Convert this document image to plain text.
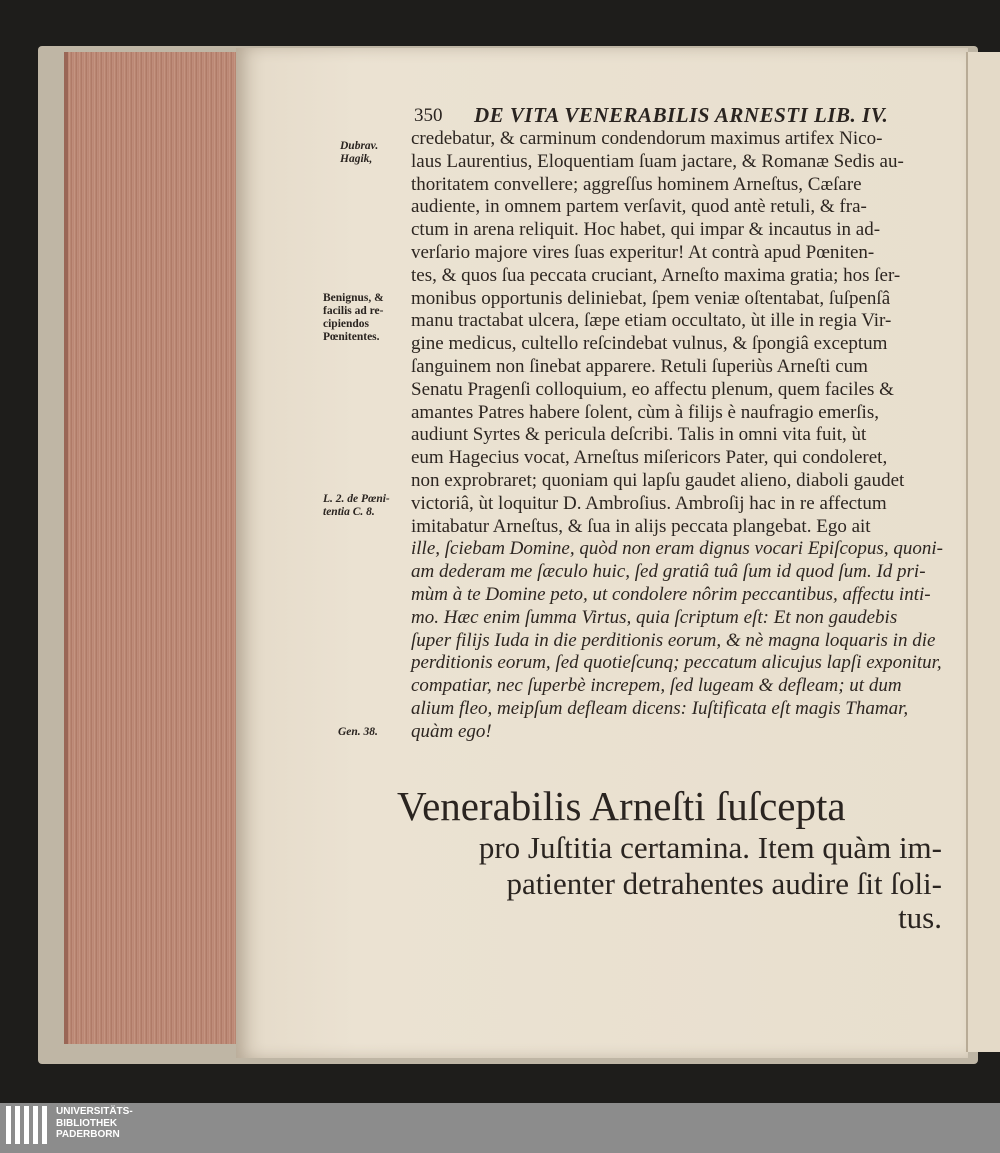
350 DE VITA VENERABILIS ARNESTI LIB. IV.
Dubrav.
Hagik,
Benignus, &
facilis ad re-
cipiendos
Pœnitentes.
L. 2. de Pœni-
tentia C. 8.
Gen. 38.
credebatur, & carminum condendorum maximus artifex Nico-
laus Laurentius, Eloquentiam ſuam jactare, & Romanæ Sedis au-
thoritatem convellere; aggreſſus hominem Arneſtus, Cæſare
audiente, in omnem partem verſavit, quod antè retuli, & fra-
ctum in arena reliquit. Hoc habet, qui impar & incautus in ad-
verſario majore vires ſuas experitur! At contrà apud Pœniten-
tes, & quos ſua peccata cruciant, Arneſto maxima gratia; hos ſer-
monibus opportunis deliniebat, ſpem veniæ oſtentabat, ſuſpenſâ
manu tractabat ulcera, ſæpe etiam occultato, ùt ille in regia Vir-
gine medicus, cultello reſcindebat vulnus, & ſpongiâ exceptum
ſanguinem non ſinebat apparere. Retuli ſuperiùs Arneſti cum
Senatu Pragenſi colloquium, eo affectu plenum, quem faciles &
amantes Patres habere ſolent, cùm à filijs è naufragio emerſis,
audiunt Syrtes & pericula deſcribi. Talis in omni vita fuit, ùt
eum Hagecius vocat, Arneſtus miſericors Pater, qui condoleret,
non exprobraret; quoniam qui lapſu gaudet alieno, diaboli gaudet
victoriâ, ùt loquitur D. Ambroſius. Ambroſij hac in re affectum
imitabatur Arneſtus, & ſua in alijs peccata plangebat. Ego ait
ille, ſciebam Domine, quòd non eram dignus vocari Epiſcopus, quoni-
am dederam me ſæculo huic, ſed gratiâ tuâ ſum id quod ſum. Id pri-
mùm à te Domine peto, ut condolere nôrim peccantibus, affectu inti-
mo. Hæc enim ſumma Virtus, quia ſcriptum eſt: Et non gaudebis
ſuper filijs Iuda in die perditionis eorum, & nè magna loquaris in die
perditionis eorum, ſed quotieſcunq; peccatum alicujus lapſi exponitur,
compatiar, nec ſuperbè increpem, ſed lugeam & defleam; ut dum
alium fleo, meipſum defleam dicens: Iuſtificata eſt magis Thamar,
quàm ego!
Venerabilis Arneſti ſuſcepta
pro Juſtitia certamina. Item quàm im-
patienter detrahentes audire ſit ſoli-
tus.
UNIVERSITÄTS-
BIBLIOTHEK
PADERBORN
